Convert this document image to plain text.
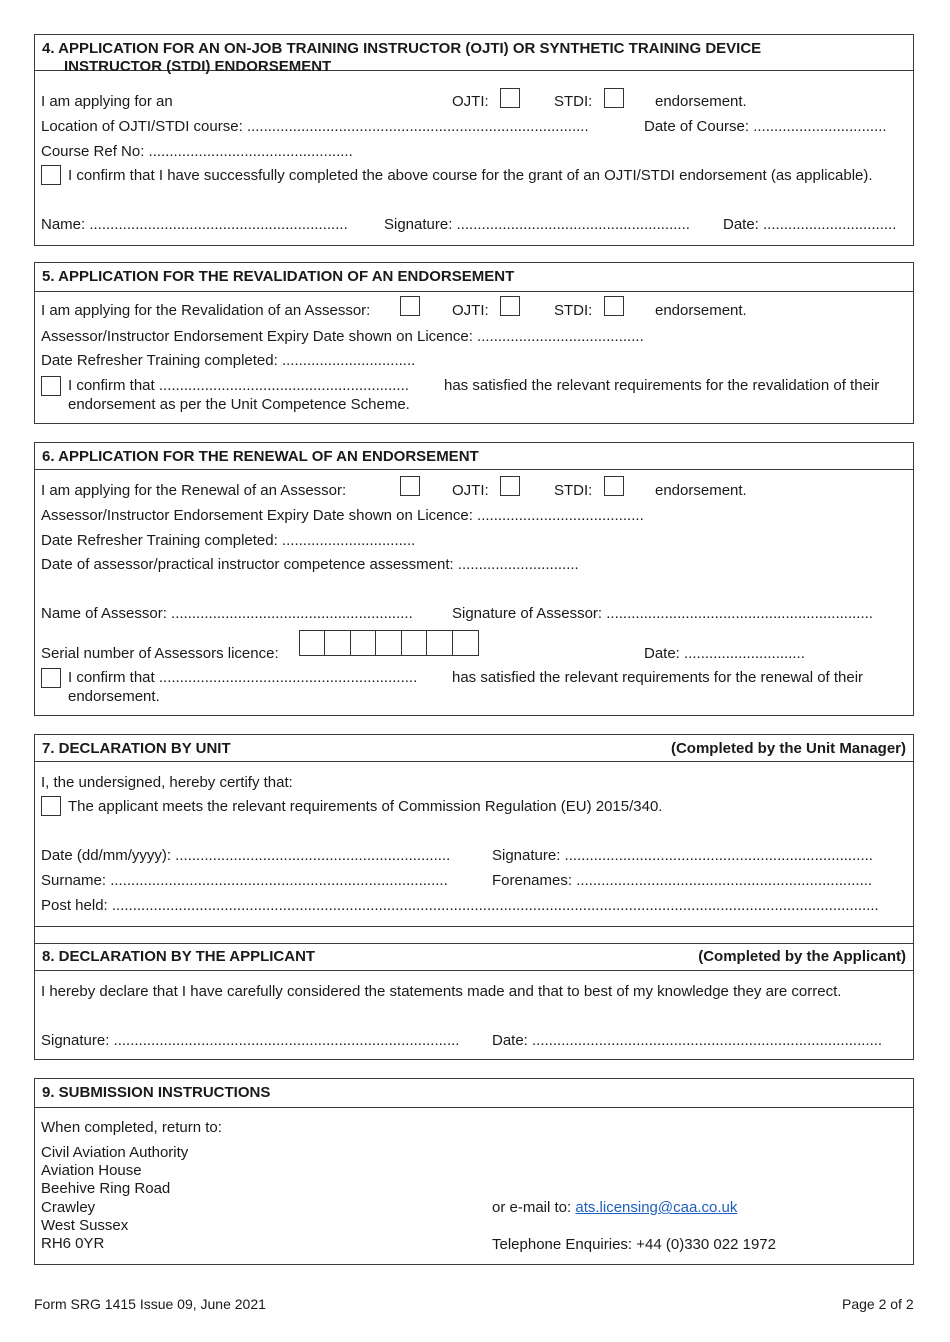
4. APPLICATION FOR AN ON-JOB TRAINING INSTRUCTOR (OJTI) OR SYNTHETIC TRAINING DEVICE
INSTRUCTOR (STDI) ENDORSEMENT
I am applying for an	OJTI:	STDI:	endorsement.
Location of OJTI/STDI course: ..................................................................................	Date of Course: ................................
Course Ref No: .................................................
I confirm that I have successfully completed the above course for the grant of an OJTI/STDI endorsement (as applicable).
Name: .............................................................. Signature: ........................................................ Date: ................................
5. APPLICATION FOR THE REVALIDATION OF AN ENDORSEMENT
I am applying for the Revalidation of an Assessor:	OJTI:	STDI:	endorsement.
Assessor/Instructor Endorsement Expiry Date shown on Licence: ........................................
Date Refresher Training completed: ................................
I confirm that ............................................................ has satisfied the relevant requirements for the revalidation of their
endorsement as per the Unit Competence Scheme.
6. APPLICATION FOR THE RENEWAL OF AN ENDORSEMENT
I am applying for the Renewal of an Assessor:	OJTI:	STDI:	endorsement.
Assessor/Instructor Endorsement Expiry Date shown on Licence: ........................................
Date Refresher Training completed: ................................
Date of assessor/practical instructor competence assessment: .............................
Name of Assessor: ..........................................................	Signature of Assessor: ................................................................
Serial number of Assessors licence:	Date: .............................
I confirm that .............................................................. has satisfied the relevant requirements for the renewal of their
endorsement.
7. DECLARATION BY UNIT	(Completed by the Unit Manager)
8. DECLARATION BY THE APPLICANT	(Completed by the Applicant)
I, the undersigned, hereby certify that:
The applicant meets the relevant requirements of Commission Regulation (EU) 2015/340.
Date (dd/mm/yyyy): ..................................................................	Signature: ..........................................................................
Surname: .................................................................................	Forenames: .......................................................................
Post held: ........................................................................................................................................................................................
I hereby declare that I have carefully considered the statements made and that to best of my knowledge they are correct.
Signature: ................................................................................... Date: ....................................................................................
9. SUBMISSION INSTRUCTIONS
When completed, return to:
Civil Aviation Authority
Aviation House
Beehive Ring Road
Crawley
West Sussex
RH6 0YR
or e-mail to: ats.licensing@caa.co.uk
Telephone Enquiries: +44 (0)330 022 1972
Form SRG 1415 Issue 09, June 2021	Page 2 of 2
